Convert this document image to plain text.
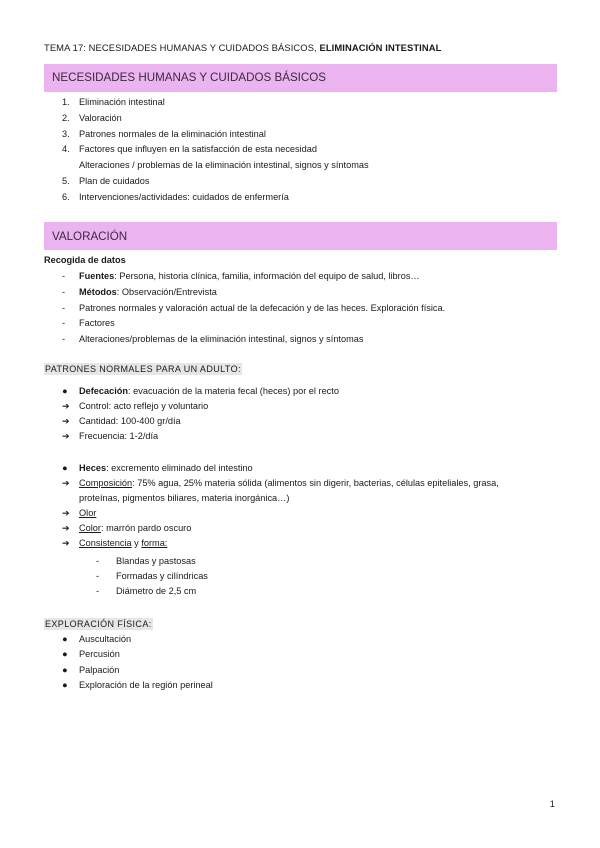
TEMA 17: NECESIDADES HUMANAS Y CUIDADOS BÁSICOS, ELIMINACIÓN INTESTINAL
NECESIDADES HUMANAS Y CUIDADOS BÁSICOS
1.	Eliminación intestinal
2.	Valoración
3.	Patrones normales de la eliminación intestinal
4.	Factores que influyen en la satisfacción de esta necesidad
Alteraciones / problemas de la eliminación intestinal, signos y síntomas
5.	Plan de cuidados
6.	Intervenciones/actividades: cuidados de enfermería
VALORACIÓN
Recogida de datos
- Fuentes: Persona, historia clínica, familia, información del equipo de salud, libros…
- Métodos: Observación/Entrevista
- Patrones normales y valoración actual de la defecación y de las heces. Exploración física.
- Factores
- Alteraciones/problemas de la eliminación intestinal, signos y síntomas
PATRONES NORMALES PARA UN ADULTO:
●	Defecación: evacuación de la materia fecal (heces) por el recto
➔	Control: acto reflejo y voluntario
➔	Cantidad: 100-400 gr/día
➔	Frecuencia: 1-2/día
●	Heces: excremento eliminado del intestino
➔	Composición: 75% agua, 25% materia sólida (alimentos sin digerir, bacterias, células epiteliales, grasa,
proteínas, pigmentos biliares, materia inorgánica…)
➔	Olor
➔	Color: marrón pardo oscuro
➔	Consistencia y forma:
- Blandas y pastosas
- Formadas y cilíndricas
- Diámetro de 2,5 cm
EXPLORACIÓN FÍSICA:
●	Auscultación
●	Percusión
●	Palpación
●	Exploración de la región perineal
1
